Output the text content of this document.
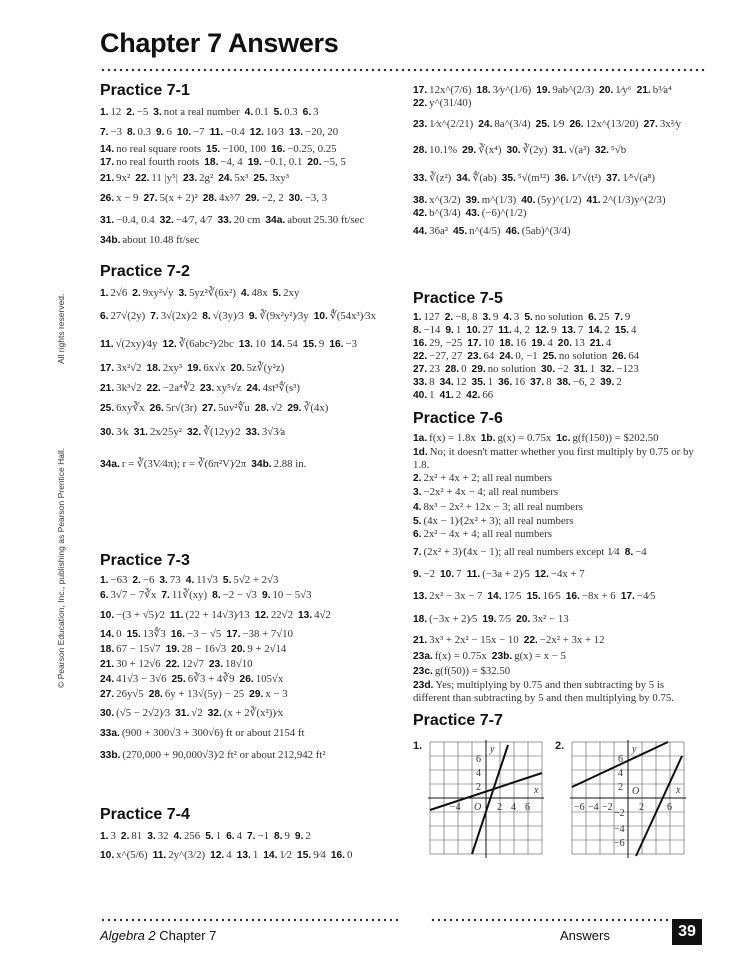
Chapter 7 Answers
© Pearson Education, Inc., publishing as Pearson Prentice Hall.
All rights reserved.
Practice 7-1
1. 12 2. −5 3. not a real number 4. 0.1 5. 0.3 6. 3
7. −3 8. 0.3 9. 6 10. −7 11. −0.4 12. 10⁄3 13. −20, 20
14. no real square roots 15. −100, 100 16. −0.25, 0.25
17. no real fourth roots 18. −4, 4 19. −0.1, 0.1 20. −5, 5
21. 9x² 22. 11 |y⁵| 23. 2g² 24. 5x³ 25. 3xy³
26. x − 9 27. 5(x + 2)² 28. 4x³⁄7 29. −2, 2 30. −3, 3
31. −0.4, 0.4 32. −4⁄7, 4⁄7 33. 20 cm 34a. about 25.30 ft/sec
34b. about 10.48 ft/sec
Practice 7-2
1. 2√6 2. 9xy²√y 3. 5yz²∛(6x²) 4. 48x 5. 2xy
6. 27√(2y) 7. 3√(2x)⁄2 8. √(3y)⁄3 9. ∛(9x²y²)⁄3y 10. ∜(54x³)⁄3x
11. √(2xy)⁄4y 12. ∛(6abc²)⁄2bc 13. 10 14. 54 15. 9 16. −3
17. 3x²√2 18. 2xy³ 19. 6x√x 20. 5z∛(y²z)
21. 3k³√2 22. −2a⁴∛2 23. xy⁵√z 24. 4st³∜(s³)
25. 6xy∛x 26. 5r√(3r) 27. 5uv²∜u 28. √2 29. ∛(4x)
30. 3⁄k 31. 2x⁄25y² 32. ∛(12y)⁄2 33. 3√3⁄a
34a. r = ∛(3V⁄4π); r = ∛(6π²V)⁄2π 34b. 2.88 in.
Practice 7-3
1. −63 2. −6 3. 73 4. 11√3 5. 5√2 + 2√3
6. 3√7 − 7∛x 7. 11∛(xy) 8. −2 − √3 9. 10 − 5√3
10. −(3 + √5)⁄2 11. (22 + 14√3)⁄13 12. 22√2 13. 4√2
14. 0 15. 13∜3 16. −3 − √5 17. −38 + 7√10
18. 67 − 15√7 19. 28 − 16√3 20. 9 + 2√14
21. 30 + 12√6 22. 12√7 23. 18√10
24. 41√3 − 3√6 25. 6∛3 + 4∛9 26. 105√x
27. 26y√5 28. 6y + 13√(5y) − 25 29. x − 3
30. (√5 − 2√2)⁄3 31. √2 32. (x + 2∛(x²))⁄x
33a. (900 + 300√3 + 300√6) ft or about 2154 ft
33b. (270,000 + 90,000√3)⁄2 ft² or about 212,942 ft²
Practice 7-4
1. 3 2. 81 3. 32 4. 256 5. 1 6. 4 7. −1 8. 9 9. 2
10. x^(5/6) 11. 2y^(3/2) 12. 4 13. 1 14. 1⁄2 15. 9⁄4 16. 0
17. 12x^(7/6) 18. 3⁄y^(1/6) 19. 9ab^(2/3) 20. 1⁄y⁶ 21. b³⁄a⁴
22. y^(31/40)
23. 1⁄x^(2/21) 24. 8a^(3/4) 25. 1⁄9 26. 12x^(13/20) 27. 3x²⁄y
28. 10.1% 29. ∛(x⁴) 30. ∛(2y) 31. √(a³) 32. ⁵√b
33. ∛(z²) 34. ∜(ab) 35. ⁵√(m¹²) 36. 1⁄⁷√(t²) 37. 1⁄⁵√(a⁸)
38. x^(3/2) 39. m^(1/3) 40. (5y)^(1/2) 41. 2^(1/3)y^(2/3)
42. b^(3/4) 43. (−6)^(1/2)
44. 36a² 45. n^(4/5) 46. (5ab)^(3/4)
Practice 7-5
1. 127 2. −8, 8 3. 9 4. 3 5. no solution 6. 25 7. 9
8. −14 9. 1 10. 27 11. 4, 2 12. 9 13. 7 14. 2 15. 4
16. 29, −25 17. 10 18. 16 19. 4 20. 13 21. 4
22. −27, 27 23. 64 24. 0, −1 25. no solution 26. 64
27. 23 28. 0 29. no solution 30. −2 31. 1 32. −123
33. 8 34. 12 35. 1 36. 16 37. 8 38. −6, 2 39. 2
40. 1 41. 2 42. 66
Practice 7-6
1a. f(x) = 1.8x 1b. g(x) = 0.75x 1c. g(f(150)) = $202.50
1d. No; it doesn't matter whether you first multiply by 0.75 or by 1.8.
2. 2x² + 4x + 2; all real numbers
3. −2x² + 4x − 4; all real numbers
4. 8x³ − 2x² + 12x − 3; all real numbers
5. (4x − 1)⁄(2x² + 3); all real numbers
6. 2x² − 4x + 4; all real numbers
7. (2x² + 3)⁄(4x − 1); all real numbers except 1⁄4 8. −4
9. −2 10. 7 11. (−3a + 2)⁄5 12. −4x + 7
13. 2x² − 3x − 7 14. 17⁄5 15. 16⁄5 16. −8x + 6 17. −4⁄5
18. (−3x + 2)⁄5 19. 7⁄5 20. 3x² − 13
21. 3x³ + 2x² − 15x − 10 22. −2x² + 3x + 12
23a. f(x) = 0.75x 23b. g(x) = x − 5
23c. g(f(50)) = $32.50
23d. Yes; multiplying by 0.75 and then subtracting by 5 is different than subtracting by 5 and then multiplying by 0.75.
Practice 7-7
1.	y
x
6
4
2
−4 O 2 4 6
2.	y
x
6
4
2
−2
−4
−6
−6 −4 −2
O
2 6
Algebra 2 Chapter 7	Answers	39
